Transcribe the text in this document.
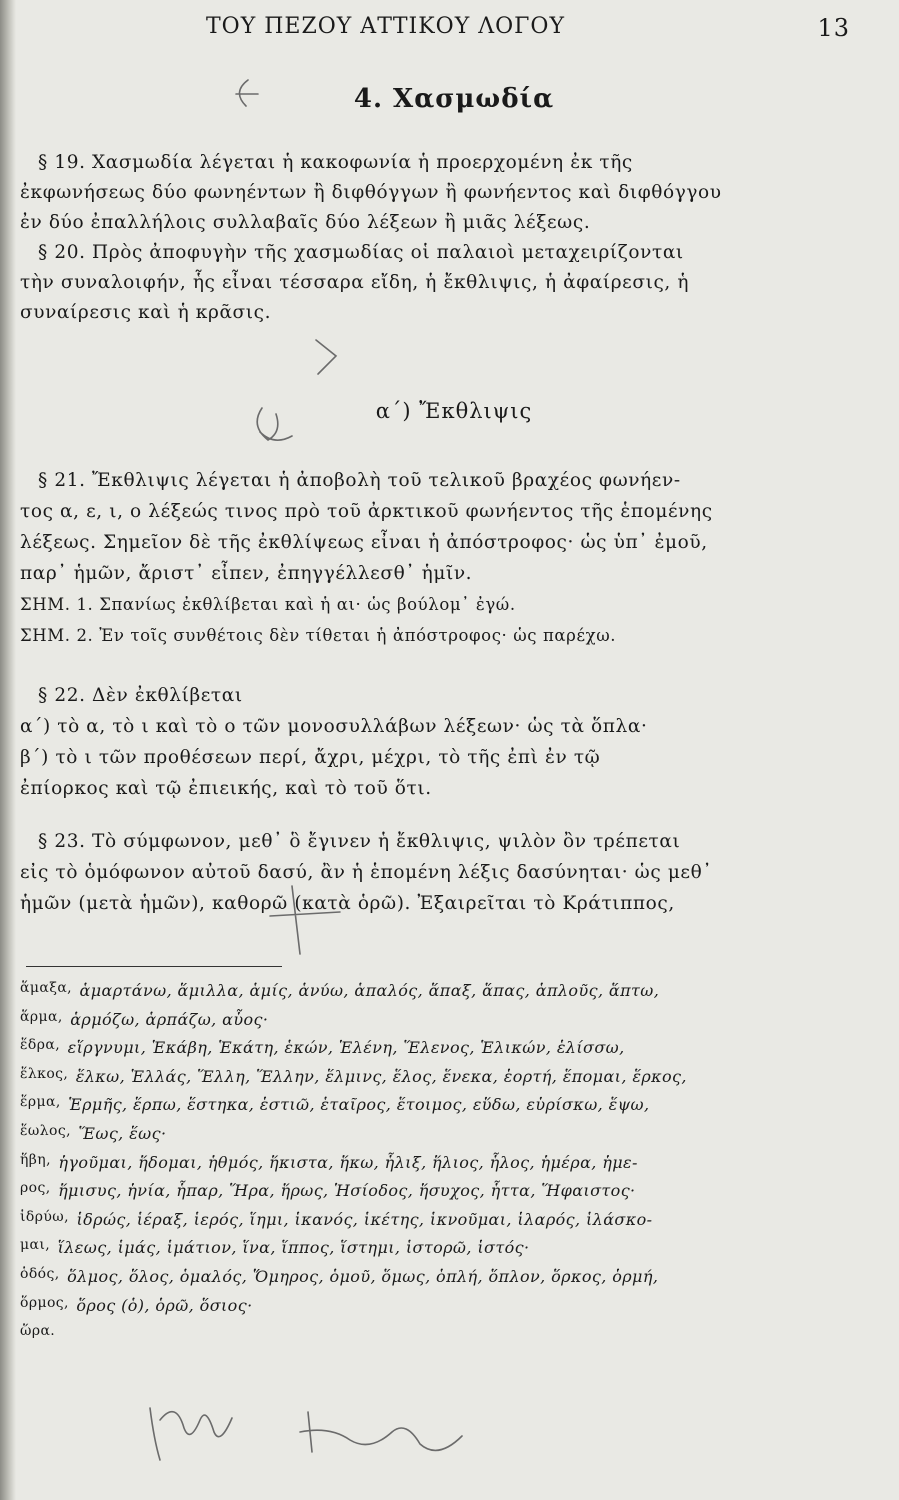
ΤΟΥ ΠΕΖΟΥ ΑΤΤΙΚΟΥ ΛΟΓΟΥ	13
4. Χασμωδία
§ 19. Χασμωδία λέγεται ἡ κακοφωνία ἡ προερχομένη ἐκ τῆς
ἐκφωνήσεως δύο φωνηέντων ἢ διφθόγγων ἢ φωνήεντος καὶ διφθόγγου
ἐν δύο ἐπαλλήλοις συλλαβαῖς δύο λέξεων ἢ μιᾶς λέξεως.
§ 20. Πρὸς ἀποφυγὴν τῆς χασμωδίας οἱ παλαιοὶ μεταχειρίζονται
τὴν συναλοιφήν, ἧς εἶναι τέσσαρα εἴδη, ἡ ἔκθλιψις, ἡ ἀφαίρεσις, ἡ
συναίρεσις καὶ ἡ κρᾶσις.
α΄) Ἔκθλιψις
§ 21. Ἔκθλιψις λέγεται ἡ ἀποβολὴ τοῦ τελικοῦ βραχέος φωνήεν-
τος α, ε, ι, ο λέξεώς τινος πρὸ τοῦ ἀρκτικοῦ φωνήεντος τῆς ἑπομένης
λέξεως. Σημεῖον δὲ τῆς ἐκθλίψεως εἶναι ἡ ἀπόστροφος· ὡς ὑπ᾽ ἐμοῦ,
παρ᾽ ἡμῶν, ἄριστ᾽ εἶπεν, ἐπηγγέλλεσθ᾽ ἡμῖν.
ΣΗΜ. 1. Σπανίως ἐκθλίβεται καὶ ἡ αι· ὡς βούλομ᾽ ἐγώ.
ΣΗΜ. 2. Ἐν τοῖς συνθέτοις δὲν τίθεται ἡ ἀπόστροφος· ὡς παρέχω.
§ 22. Δὲν ἐκθλίβεται
α΄) τὸ α, τὸ ι καὶ τὸ ο τῶν μονοσυλλάβων λέξεων· ὡς τὰ ὅπλα·
β΄) τὸ ι τῶν προθέσεων περί, ἄχρι, μέχρι, τὸ τῆς ἐπὶ ἐν τῷ
ἐπίορκος καὶ τῷ ἐπιεικής, καὶ τὸ τοῦ ὅτι.
§ 23. Τὸ σύμφωνον, μεθ᾽ ὃ ἔγινεν ἡ ἔκθλιψις, ψιλὸν ὂν τρέπεται
εἰς τὸ ὁμόφωνον αὐτοῦ δασύ, ἂν ἡ ἑπομένη λέξις δασύνηται· ὡς μεθ᾽
ἡμῶν (μετὰ ἡμῶν), καθορῶ (κατὰ ὁρῶ). Ἐξαιρεῖται τὸ Κράτιππος,
ἅμαξα, ἁμαρτάνω, ἅμιλλα, ἁμίς, ἁνύω, ἁπαλός, ἅπαξ, ἅπας, ἁπλοῦς, ἅπτω,
ἅρμα, ἁρμόζω, ἁρπάζω, αὗος·
ἕδρα, εἵργνυμι, Ἑκάβη, Ἑκάτη, ἑκών, Ἑλένη, Ἕλενος, Ἑλικών, ἑλίσσω,
ἕλκος, ἕλκω, Ἑλλάς, Ἕλλη, Ἕλλην, ἕλμινς, ἕλος, ἕνεκα, ἑορτή, ἕπομαι, ἕρκος,
ἕρμα, Ἑρμῆς, ἕρπω, ἕστηκα, ἑστιῶ, ἑταῖρος, ἕτοιμος, εὕδω, εὑρίσκω, ἕψω,
ἕωλος, Ἕως, ἕως·
ἥβη, ἡγοῦμαι, ἥδομαι, ἡθμός, ἥκιστα, ἥκω, ἧλιξ, ἥλιος, ἧλος, ἡμέρα, ἡμε-
ρος, ἥμισυς, ἡνία, ἧπαρ, Ἥρα, ἥρως, Ἡσίοδος, ἥσυχος, ἧττα, Ἥφαιστος·
ἱδρύω, ἱδρώς, ἱέραξ, ἱερός, ἵημι, ἱκανός, ἱκέτης, ἱκνοῦμαι, ἱλαρός, ἱλάσκο-
μαι, ἵλεως, ἱμάς, ἱμάτιον, ἵνα, ἵππος, ἵστημι, ἱστορῶ, ἱστός·
ὁδός, ὅλμος, ὅλος, ὁμαλός, Ὅμηρος, ὁμοῦ, ὅμως, ὁπλή, ὅπλον, ὅρκος, ὁρμή,
ὅρμος, ὅρος (ὁ), ὁρῶ, ὅσιος·
ὥρα.
